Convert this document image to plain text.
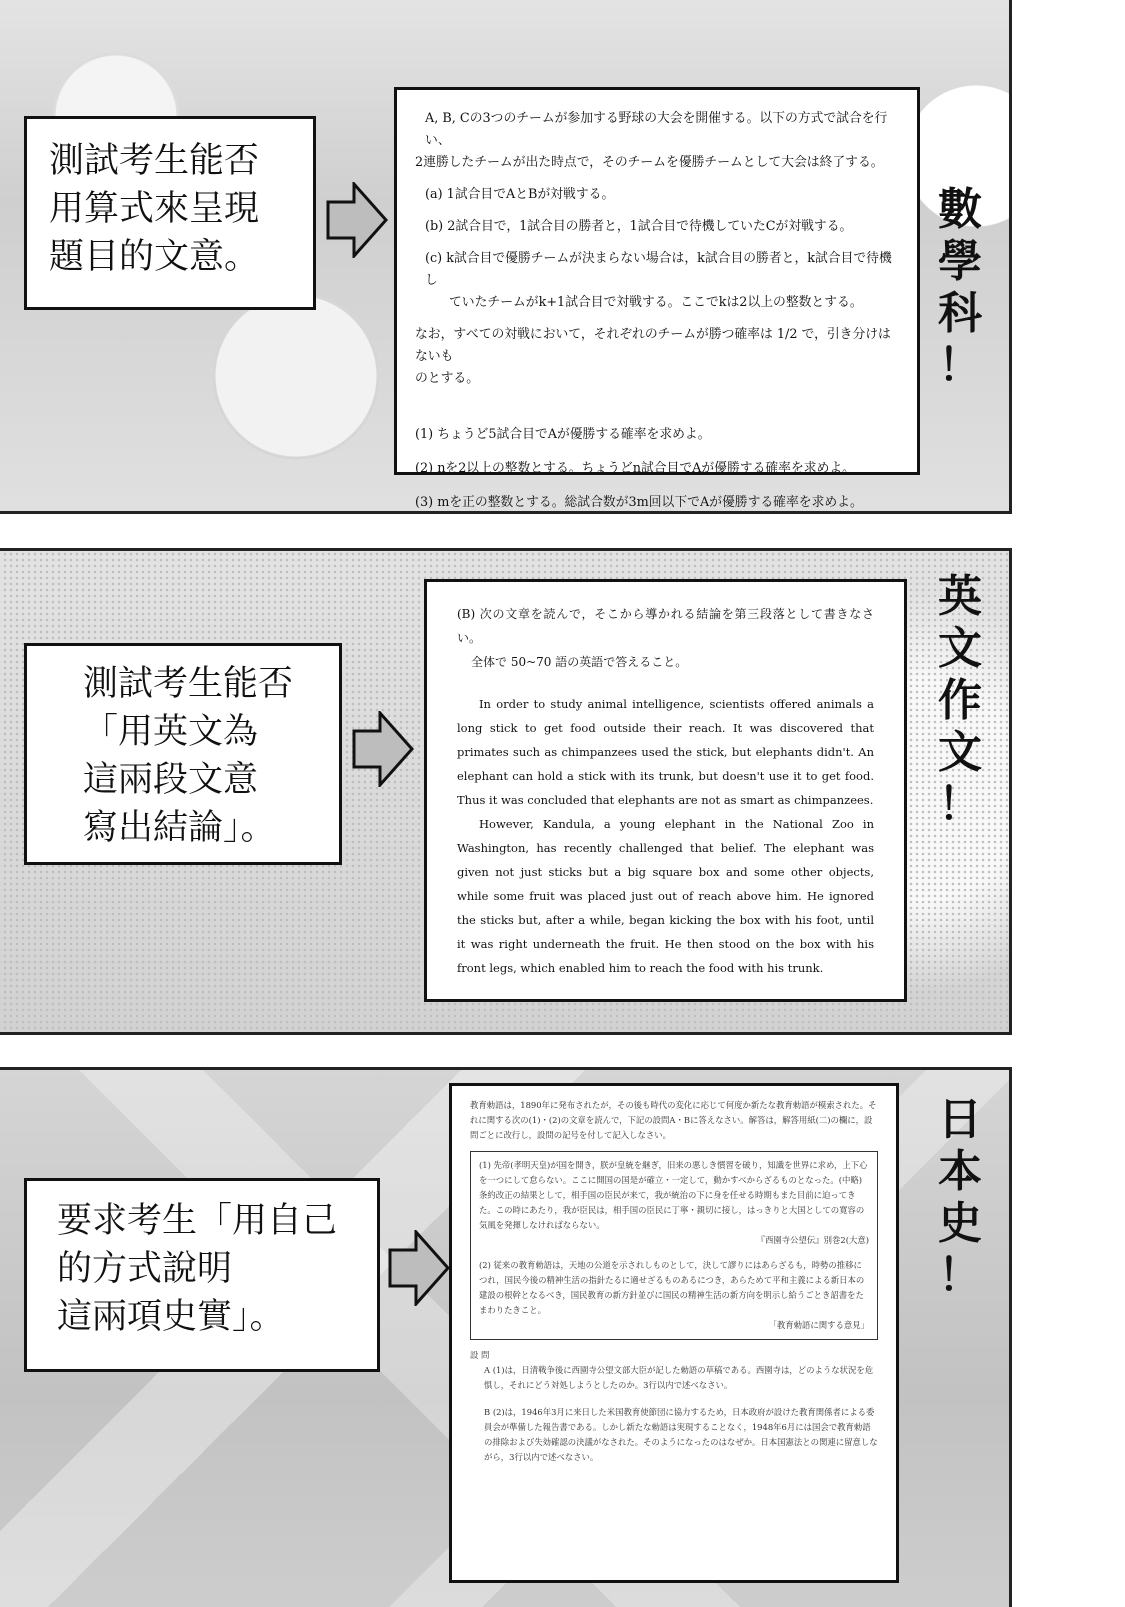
測試考生能否
用算式來呈現
題目的文意。

A, B, Cの3つのチームが参加する野球の大会を開催する。以下の方式で試合を行い、

2連勝したチームが出た時点で，そのチームを優勝チームとして大会は終了する。

(a) 1試合目でAとBが対戦する。

(b) 2試合目で，1試合目の勝者と，1試合目で待機していたCが対戦する。

(c) k試合目で優勝チームが決まらない場合は，k試合目の勝者と，k試合目で待機し

ていたチームがk+1試合目で対戦する。ここでkは2以上の整数とする。

なお，すべての対戦において，それぞれのチームが勝つ確率は 1/2 で，引き分けはないも

のとする。

(1) ちょうど5試合目でAが優勝する確率を求めよ。

(2) nを2以上の整数とする。ちょうどn試合目でAが優勝する確率を求めよ。

(3) mを正の整数とする。総試合数が3m回以下でAが優勝する確率を求めよ。

數
學
科
！
測試考生能否
「用英文為
這兩段文意
寫出結論」。

(B) 次の文章を読んで，そこから導かれる結論を第三段落として書きなさい。

全体で 50~70 語の英語で答えること。

In order to study animal intelligence, scientists offered animals a long stick to get food outside their reach. It was discovered that primates such as chimpanzees used the stick, but elephants didn't. An elephant can hold a stick with its trunk, but doesn't use it to get food. Thus it was concluded that elephants are not as smart as chimpanzees.

However, Kandula, a young elephant in the National Zoo in Washington, has recently challenged that belief. The elephant was given not just sticks but a big square box and some other objects, while some fruit was placed just out of reach above him. He ignored the sticks but, after a while, began kicking the box with his foot, until it was right underneath the fruit. He then stood on the box with his front legs, which enabled him to reach the food with his trunk.

英
文
作
文
！
要求考生「用自己
的方式說明
這兩項史實」。

教育勅語は，1890年に発布されたが，その後も時代の変化に応じて何度か新たな教育勅語が模索された。それに関する次の(1)・(2)の文章を読んで，下記の設問A・Bに答えなさい。解答は，解答用紙(二)の欄に，設問ごとに改行し，設問の記号を付して記入しなさい。

(1) 先帝(孝明天皇)が国を開き，朕が皇統を継ぎ，旧来の悪しき慣習を破り，知識を世界に求め，上下心を一つにして怠らない。ここに開国の国是が確立・一定して，動かすべからざるものとなった。(中略)条約改正の結果として，相手国の臣民が来て，我が統治の下に身を任せる時期もまた目前に迫ってきた。この時にあたり，我が臣民は，相手国の臣民に丁寧・親切に接し，はっきりと大国としての寛容の気風を発揮しなければならない。

『西園寺公望伝』別巻2(大意)

(2) 従来の教育勅語は，天地の公道を示されしものとして，決して謬りにはあらざるも，時勢の推移につれ，国民今後の精神生活の指針たるに適せざるものあるにつき，あらためて平和主義による新日本の建設の根幹となるべき，国民教育の新方針並びに国民の精神生活の新方向を明示し給うごとき詔書をたまわりたきこと。

「教育勅語に関する意見」

設 問

A (1)は，日清戦争後に西園寺公望文部大臣が記した勅語の草稿である。西園寺は，どのような状況を危惧し，それにどう対処しようとしたのか。3行以内で述べなさい。

B (2)は，1946年3月に来日した米国教育使節団に協力するため，日本政府が設けた教育関係者による委員会が準備した報告書である。しかし新たな勅語は実現することなく，1948年6月には国会で教育勅語の排除および失効確認の決議がなされた。そのようになったのはなぜか。日本国憲法との関連に留意しながら，3行以内で述べなさい。

日
本
史
！
